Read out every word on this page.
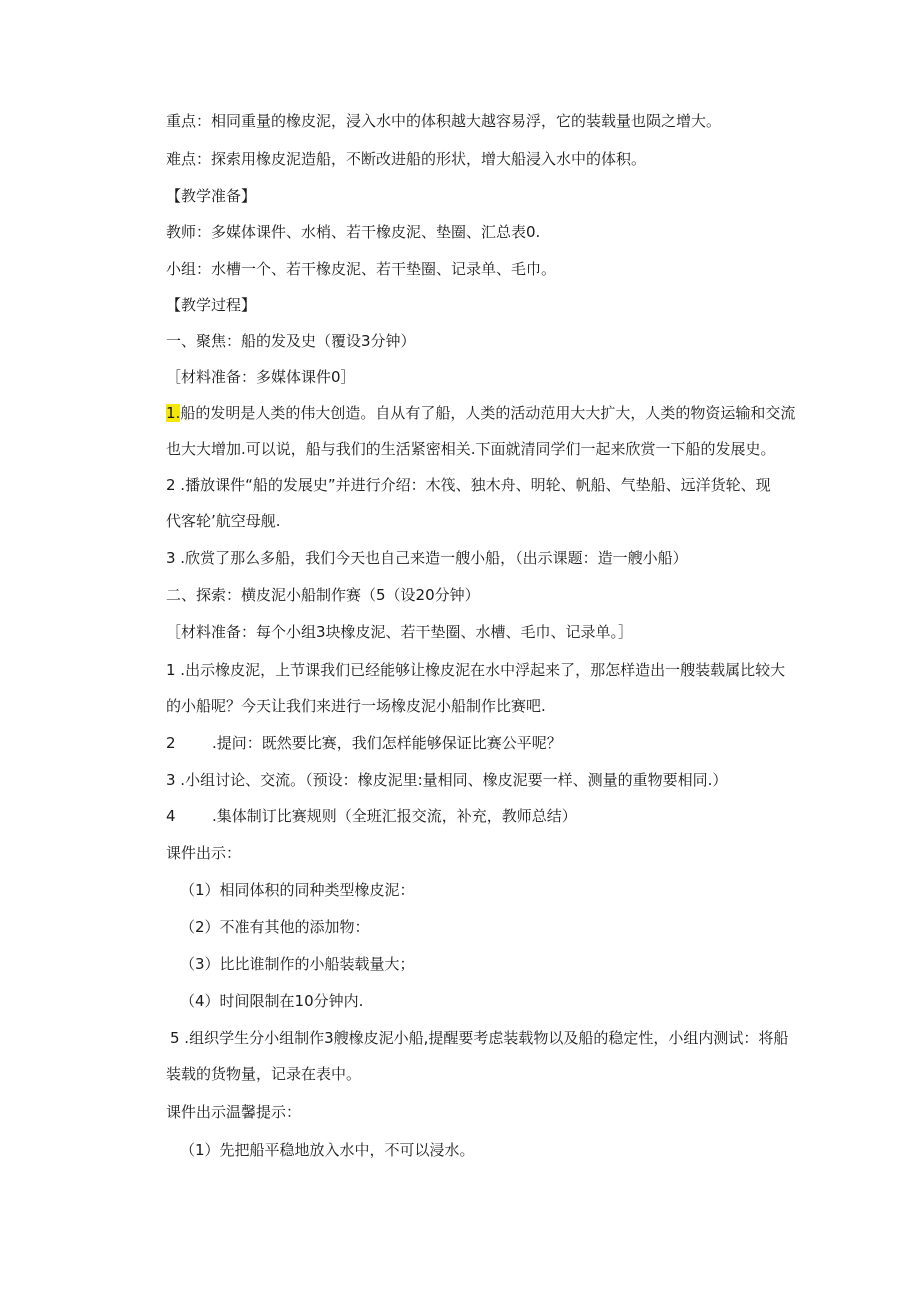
重点：相同重量的橡皮泥，浸入水中的体积越大越容易浮，它的装载量也陨之增大。
难点：探索用橡皮泥造船，不断改进船的形状，增大船浸入水中的体积。
【教学准备】
教师：多媒体课件、水梢、若干橡皮泥、垫圈、汇总表0.
小组：水槽一个、若干橡皮泥、若干垫圈、记录单、毛巾。
【教学过程】
一、聚焦：船的发及史（覆设3分钟）
［材料准备：多媒体课件0］
1.船的发明是人类的伟大创造。自从有了船，人类的活动范用大大扩大，人类的物资运输和交流
也大大增加.可以说，船与我们的生活紧密相关.下面就清同学们一起来欣赏一下船的发展史。
2 .播放课件“船的发展史”并进行介绍：木筏、独木舟、明轮、帆船、气垫船、远洋货轮、现
代客轮’航空母舰.
3 .欣赏了那么多船，我们今天也自己来造一艘小船，（出示课题：造一艘小船）
二、探索：横皮泥小船制作赛（5（设20分钟）
［材料准备：每个小组3块橡皮泥、若干垫圈、水槽、毛巾、记录单。］
1 .出示橡皮泥，上节课我们已经能够让橡皮泥在水中浮起来了，那怎样造出一艘装载属比较大
的小船呢？今天让我们来进行一场橡皮泥小船制作比赛吧.
2 .提问：既然要比赛，我们怎样能够保证比赛公平呢？
3 .小组讨论、交流。（预设：橡皮泥里:量相同、橡皮泥要一样、测量的重物要相同.）
4 .集体制订比赛规则（全班汇报交流，补充，教师总结）
课件出示：
（1）相同体积的同种类型橡皮泥：
（2）不准有其他的添加物：
（3）比比谁制作的小船装载量大；
（4）时间限制在10分钟内.
5 .组织学生分小组制作3艘橡皮泥小船,提醒要考虑装载物以及船的稳定性，小组内测试：将船
装载的货物量，记录在表中。
课件出示温馨提示：
（1）先把船平稳地放入水中，不可以浸水。
